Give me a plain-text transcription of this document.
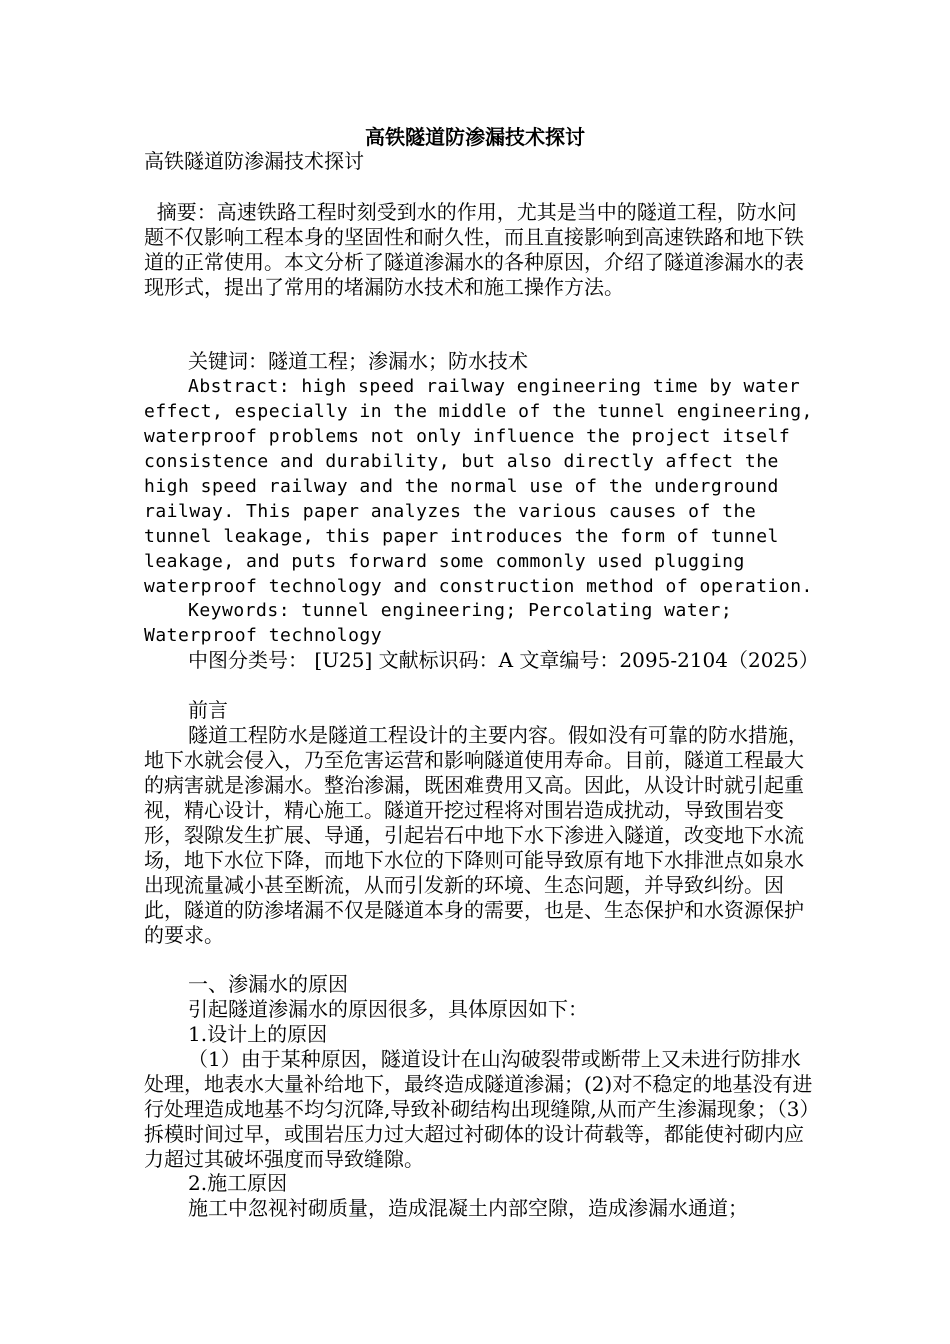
高铁隧道防渗漏技术探讨
高铁隧道防渗漏技术探讨
摘要：高速铁路工程时刻受到水的作用，尤其是当中的隧道工程，防水问题不仅影响工程本身的坚固性和耐久性，而且直接影响到高速铁路和地下铁道的正常使用。本文分析了隧道渗漏水的各种原因，介绍了隧道渗漏水的表现形式，提出了常用的堵漏防水技术和施工操作方法。
关键词：隧道工程；渗漏水；防水技术
Abstract: high speed railway engineering time by water effect, especially in the middle of the tunnel engineering, waterproof problems not only influence the project itself consistence and durability, but also directly affect the high speed railway and the normal use of the underground railway. This paper analyzes the various causes of the tunnel leakage, this paper introduces the form of tunnel leakage, and puts forward some commonly used plugging waterproof technology and construction method of operation.
Keywords: tunnel engineering; Percolating water; Waterproof technology
中图分类号： [U25] 文献标识码：A 文章编号：2095-2104（2025）
前言
隧道工程防水是隧道工程设计的主要内容。假如没有可靠的防水措施，地下水就会侵入，乃至危害运营和影响隧道使用寿命。目前，隧道工程最大的病害就是渗漏水。整治渗漏，既困难费用又高。因此，从设计时就引起重视，精心设计，精心施工。隧道开挖过程将对围岩造成扰动，导致围岩变形，裂隙发生扩展、导通，引起岩石中地下水下渗进入隧道，改变地下水流场，地下水位下降，而地下水位的下降则可能导致原有地下水排泄点如泉水出现流量减小甚至断流，从而引发新的环境、生态问题，并导致纠纷。因此，隧道的防渗堵漏不仅是隧道本身的需要，也是、生态保护和水资源保护的要求。
一、渗漏水的原因
引起隧道渗漏水的原因很多，具体原因如下：
1.设计上的原因
（1）由于某种原因，隧道设计在山沟破裂带或断带上又未进行防排水处理，地表水大量补给地下，最终造成隧道渗漏；(2)对不稳定的地基没有进行处理造成地基不均匀沉降,导致补砌结构出现缝隙,从而产生渗漏现象；（3）拆模时间过早，或围岩压力过大超过衬砌体的设计荷载等，都能使衬砌内应力超过其破坏强度而导致缝隙。
2.施工原因
施工中忽视衬砌质量，造成混凝土内部空隙，造成渗漏水通道；
